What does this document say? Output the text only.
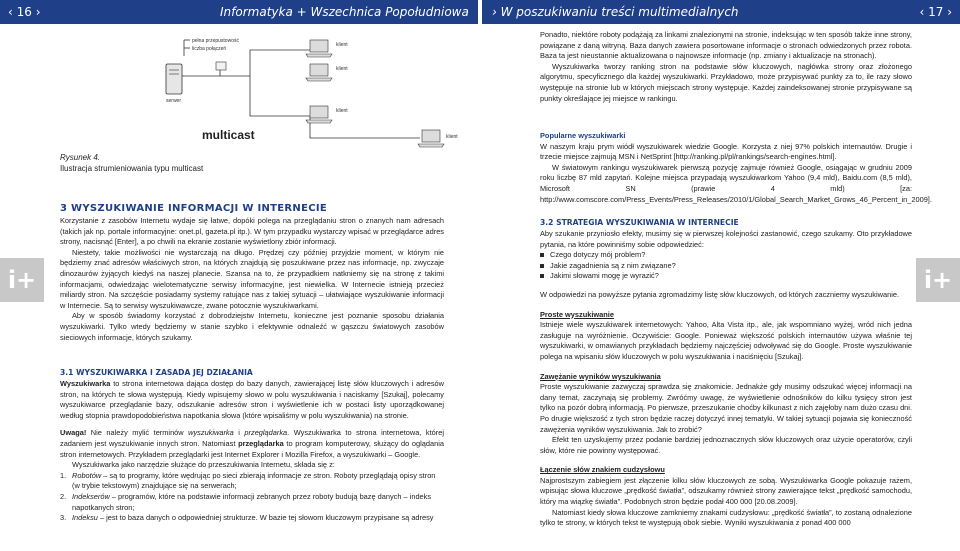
‹ 16 ›	Informatyka + Wszechnica Popołudniowa › W poszukiwaniu treści multimedialnych	‹ 17 ›
i+	i+
pełna przepustowość
liczba połączeń
serwer
klient
klient
klient
klient
multicast
Rysunek 4.
Ilustracja strumieniowania typu multicast
3 WYSZUKIWANIE INFORMACJI W INTERNECIE

Korzystanie z zasobów Internetu wydaje się łatwe, dopóki polega na przeglądaniu stron o znanych nam adresach (takich jak np. portale informacyjne: onet.pl, gazeta.pl itp.). W tym przypadku wystarczy wpisać w przeglądarce adres strony, nacisnąć [Enter], a po chwili na ekranie zostanie wyświetlony zbiór informacji.

Niestety, takie możliwości nie wystarczają na długo. Prędzej czy później przyjdzie moment, w którym nie będziemy znać adresów właściwych stron, na których znajdują się poszukiwane przez nas informacje, np. zwyczaje dinozaurów żyjących kiedyś na naszej planecie. Szansa na to, że przypadkiem natkniemy się na stronę z takimi informacjami, odwiedzając wielotematyczne serwisy informacyjne, jest niewielka. W Internecie istnieją przecież miliardy stron. Na szczęście posiadamy systemy ratujące nas z takiej sytuacji – ułatwiające wyszukiwanie informacji w Internecie. Są to serwisy wyszukiwawcze, zwane potocznie wyszukiwarkami.

Aby w sposób świadomy korzystać z dobrodziejstw Internetu, konieczne jest poznanie sposobu działania wyszukiwarki. Tylko wtedy będziemy w stanie szybko i efektywnie odnaleźć w gąszczu światowych zasobów sieciowych informacje, których szukamy.

3.1 WYSZUKIWARKA I ZASADA JEJ DZIAŁANIA

Wyszukiwarka to strona internetowa dająca dostęp do bazy danych, zawierającej listę słów kluczowych i adresów stron, na których te słowa występują. Kiedy wpisujemy słowo w polu wyszukiwania i naciskamy [Szukaj], polecamy wyszukiwarce przeglądanie bazy, odszukanie adresów stron i wyświetlenie ich w postaci listy uporządkowanej według stopnia prawdopodobieństwa napotkania słowa (które wpisaliśmy w polu wyszukiwania) na stronie.

Uwaga! Nie należy mylić terminów wyszukiwarka i przeglądarka. Wyszukiwarka to strona internetowa, której zadaniem jest wyszukiwanie innych stron. Natomiast przeglądarka to program komputerowy, służący do oglądania stron internetowych. Przykładem przeglądarki jest Internet Explorer i Mozilla Firefox, a wyszukiwarki – Google.

Wyszukiwarka jako narzędzie służące do przeszukiwania Internetu, składa się z:

1. Robotów – są to programy, które wędrując po sieci zbierają informacje ze stron. Roboty przeglądają opisy stron (w trybie tekstowym) znajdujące się na serwerach;
2. Indekserów – programów, które na podstawie informacji zebranych przez roboty budują bazę danych – indeks napotkanych stron;
3. Indeksu – jest to baza danych o odpowiedniej strukturze. W bazie tej słowom kluczowym przypisane są adresy

Ponadto, niektóre roboty podążają za linkami znalezionymi na stronie, indeksując w ten sposób także inne strony, powiązane z daną witryną. Baza danych zawiera posortowane informacje o stronach odwiedzonych przez robota. Baza ta jest nieustannie aktualizowana o najnowsze informacje (np. zmiany i aktualizacje na stronach).

Wyszukiwarka tworzy ranking stron na podstawie słów kluczowych, nagłówka strony oraz złożonego algorytmu, specyficznego dla każdej wyszukiwarki. Przykładowo, może przypisywać punkty za to, ile razy słowo występuje na stronie lub w których miejscach strony występuje. Każdej zaindeksowanej stronie przypisywane są punkty określające jej miejsce w rankingu.

Popularne wyszukiwarki

W naszym kraju prym wiódł wyszukiwarek wiedzie Google. Korzysta z niej 97% polskich internautów. Drugie i trzecie miejsce zajmują MSN i NetSprint [http://ranking.pl/pl/rankings/search-engines.html].

W światowym rankingu wyszukiwarek pierwszą pozycję zajmuje również Google, osiągając w grudniu 2009 roku liczbę 87 mld zapytań. Kolejne miejsca przypadają wyszukiwarkom Yahoo (9,4 mld), Baidu.com (8,5 mld), Microsoft SN (prawie 4 mld) [za: http://www.comscore.com/Press_Events/Press_Releases/2010/1/Global_Search_Market_Grows_46_Percent_in_2009].

3.2 STRATEGIA WYSZUKIWANIA W INTERNECIE

Aby szukanie przyniosło efekty, musimy się w pierwszej kolejności zastanowić, czego szukamy. Oto przykładowe pytania, na które powinniśmy sobie odpowiedzieć:

Czego dotyczy mój problem?
Jakie zagadnienia są z nim związane?
Jakimi słowami mogę je wyrazić?

W odpowiedzi na powyższe pytania zgromadzimy listę słów kluczowych, od których zaczniemy wyszukiwanie.

Proste wyszukiwanie

Istnieje wiele wyszukiwarek internetowych: Yahoo, Alta Vista itp., ale, jak wspomniano wyżej, wród nich jedna zasługuje na wyróżnienie. Oczywiście: Google. Ponieważ większość polskich internautów używa właśnie tej wyszukiwarki, w omawianych przykładach będziemy najczęściej odwoływać się do Google. Proste wyszukiwanie polega na wpisaniu słów kluczowych w polu wyszukiwania i naciśnięciu [Szukaj].

Zawężanie wyników wyszukiwania

Proste wyszukiwanie zazwyczaj sprawdza się znakomicie. Jednakże gdy musimy odszukać więcej informacji na dany temat, zaczynają się problemy. Zwróćmy uwagę, że wyświetlenie odnośników do kilku tysięcy stron jest tylko na pozór dobrą informacją. Po pierwsze, przeszukanie choćby kilkunast z nich zajęłoby nam dużo czasu dni. Po drugie większość z tych stron będzie raczej dotyczyć innej tematyki. W takiej sytuacji pojawia się konieczność zawężenia wyników wyszukiwania. Jak to zrobić?

Efekt ten uzyskujemy przez podanie bardziej jednoznacznych słów kluczowych oraz użycie operatorów, czyli słów, które nie powinny występować.

Łączenie słów znakiem cudzysłowu

Najprostszym zabiegiem jest złączenie kilku słów kluczowych ze sobą. Wyszukiwarka Google pokazuje rażem, wpisując słowa kluczowe „prędkość światła”, odszukamy również strony zawierające tekst „prędkość samochodu, który ma wiązkę światła”. Podobnych stron będzie podał 400 000 [20.08.2009].

Natomiast kiedy słowa kluczowe zamkniemy znakami cudzysłowu: „prędkość światła”, to zostaną odnalezione tylko te strony, w których tekst te występują obok siebie. Wyniki wyszukiwania z ponad 400 000
